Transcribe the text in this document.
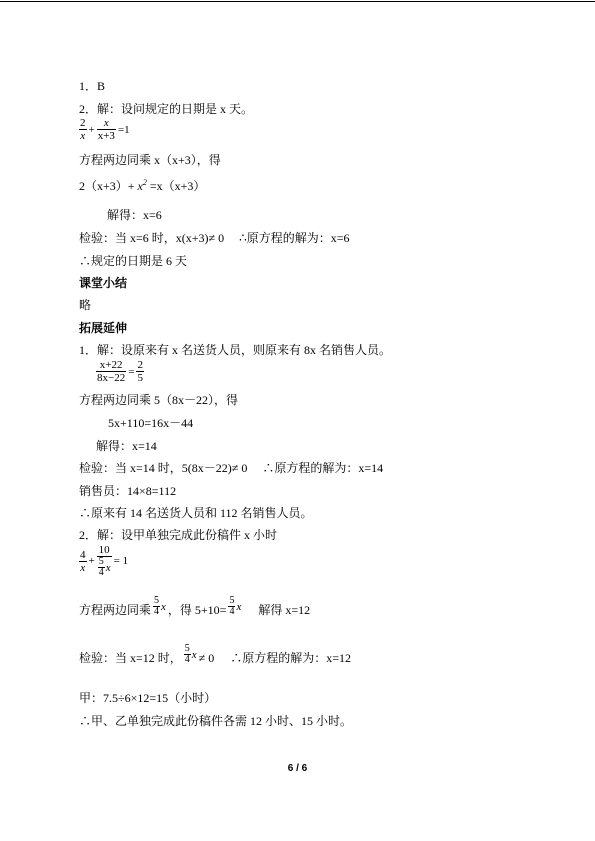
1．B
2．解：设问规定的日期是 x 天。
$\frac{2}{x} + \frac{x}{x+3} =1$
方程两边同乘 x（x+3），得
$2(x+3)+ x^2 =x(x+3)$
解得：x=6
检验：当 x=6 时，x(x+3)≠ 0 ∴原方程的解为：x=6
∴规定的日期是 6 天
课堂小结
略
拓展延伸
1．解：设原来有 x 名送货人员，则原来有 8x 名销售人员。
$\frac{x+22}{8x-22} = \frac{2}{5}$
方程两边同乘 5（8x－22），得
5x+110=16x－44
解得：x=14
检验：当 x=14 时，5(8x－22)≠ 0 ∴原方程的解为：x=14
销售员：14×8=112
∴原来有 14 名送货人员和 112 名销售人员。
2．解：设甲单独完成此份稿件 x 小时
$\frac{4}{x} + \frac{10}{\frac{5}{4} x} = 1$
方程两边同乘 $\frac{5}{4}$ x ，得 $5+10= \frac{5}{4}$ x 解得 x=12
检验：当 x=12 时， $\frac{5}{4}$ x ≠ 0 ∴原方程的解为：x=12
甲：7.5÷6×12=15（小时）
∴甲、乙单独完成此份稿件各需 12 小时、15 小时。
6 / 6
